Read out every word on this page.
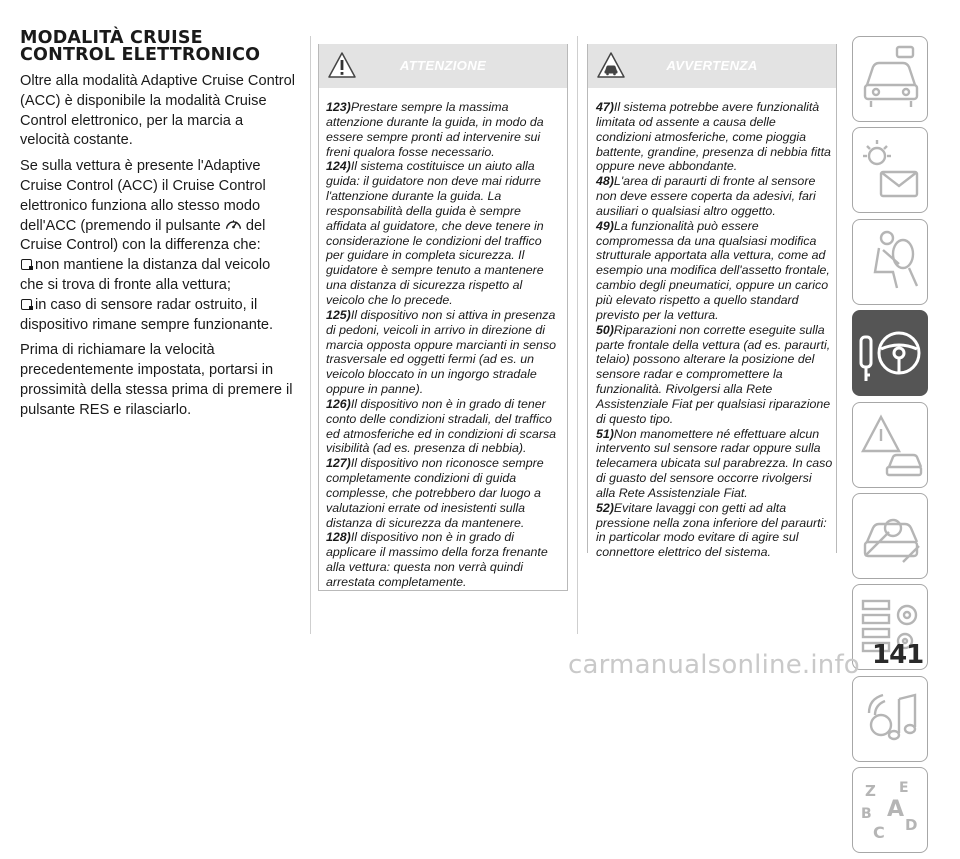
MODALITÀ CRUISE
CONTROL ELETTRONICO

Oltre alla modalità Adaptive Cruise Control (ACC) è disponibile la modalità Cruise Control elettronico, per la marcia a velocità costante.

Se sulla vettura è presente l'Adaptive Cruise Control (ACC) il Cruise Control elettronico funziona allo stesso modo dell'ACC (premendo il pulsante del Cruise Control) con la differenza che:

non mantiene la distanza dal veicolo che si trova di fronte alla vettura;
in caso di sensore radar ostruito, il dispositivo rimane sempre funzionante.

Prima di richiamare la velocità precedentemente impostata, portarsi in prossimità della stessa prima di premere il pulsante RES e rilasciarlo.

ATTENZIONE

123)Prestare sempre la massima attenzione durante la guida, in modo da essere sempre pronti ad intervenire sui freni qualora fosse necessario.

124)Il sistema costituisce un aiuto alla guida: il guidatore non deve mai ridurre l'attenzione durante la guida. La responsabilità della guida è sempre affidata al guidatore, che deve tenere in considerazione le condizioni del traffico per guidare in completa sicurezza. Il guidatore è sempre tenuto a mantenere una distanza di sicurezza rispetto al veicolo che lo precede.

125)Il dispositivo non si attiva in presenza di pedoni, veicoli in arrivo in direzione di marcia opposta oppure marcianti in senso trasversale ed oggetti fermi (ad es. un veicolo bloccato in un ingorgo stradale oppure in panne).

126)Il dispositivo non è in grado di tener conto delle condizioni stradali, del traffico ed atmosferiche ed in condizioni di scarsa visibilità (ad es. presenza di nebbia).

127)Il dispositivo non riconosce sempre completamente condizioni di guida complesse, che potrebbero dar luogo a valutazioni errate od inesistenti sulla distanza di sicurezza da mantenere.

128)Il dispositivo non è in grado di applicare il massimo della forza frenante alla vettura: questa non verrà quindi arrestata completamente.

AVVERTENZA

47)Il sistema potrebbe avere funzionalità limitata od assente a causa delle condizioni atmosferiche, come pioggia battente, grandine, presenza di nebbia fitta oppure neve abbondante.

48)L'area di paraurti di fronte al sensore non deve essere coperta da adesivi, fari ausiliari o qualsiasi altro oggetto.

49)La funzionalità può essere compromessa da una qualsiasi modifica strutturale apportata alla vettura, come ad esempio una modifica dell'assetto frontale, cambio degli pneumatici, oppure un carico più elevato rispetto a quello standard previsto per la vettura.

50)Riparazioni non corrette eseguite sulla parte frontale della vettura (ad es. paraurti, telaio) possono alterare la posizione del sensore radar e compromettere la funzionalità. Rivolgersi alla Rete Assistenziale Fiat per qualsiasi riparazione di questo tipo.

51)Non manomettere né effettuare alcun intervento sul sensore radar oppure sulla telecamera ubicata sul parabrezza. In caso di guasto del sensore occorre rivolgersi alla Rete Assistenziale Fiat.

52)Evitare lavaggi con getti ad alta pressione nella zona inferiore del paraurti: in particolar modo evitare di agire sul connettore elettrico del sistema.

Z E
B A
C D
141
carmanualsonline.info
